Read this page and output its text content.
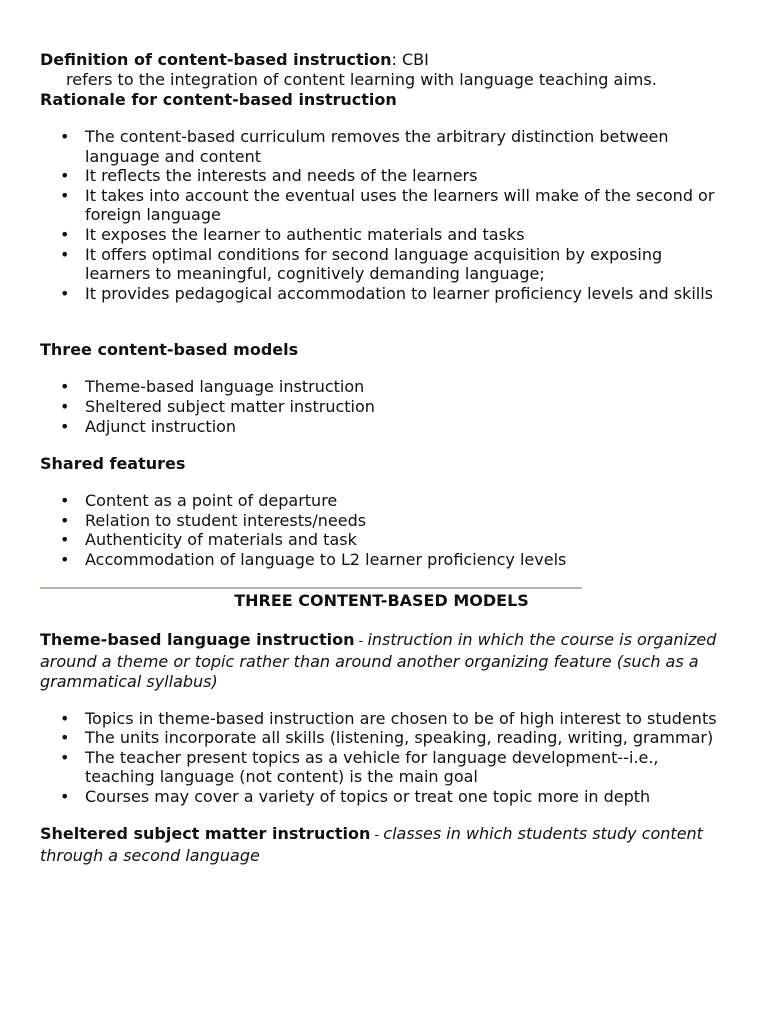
Definition of content-based instruction: CBI

refers to the integration of content learning with language teaching aims.

Rationale for content-based instruction

• The content-based curriculum removes the arbitrary distinction between language and content
• It reflects the interests and needs of the learners
• It takes into account the eventual uses the learners will make of the second or foreign language
• It exposes the learner to authentic materials and tasks
• It offers optimal conditions for second language acquisition by exposing learners to meaningful, cognitively demanding language;
• It provides pedagogical accommodation to learner proficiency levels and skills

Three content-based models

• Theme-based language instruction
• Sheltered subject matter instruction
• Adjunct instruction

Shared features

• Content as a point of departure
• Relation to student interests/needs
• Authenticity of materials and task
• Accommodation of language to L2 learner proficiency levels

THREE CONTENT-BASED MODELS

Theme-based language instruction - instruction in which the course is organized around a theme or topic rather than around another organizing feature (such as a grammatical syllabus)

• Topics in theme-based instruction are chosen to be of high interest to students
• The units incorporate all skills (listening, speaking, reading, writing, grammar)
• The teacher present topics as a vehicle for language development--i.e., teaching language (not content) is the main goal
• Courses may cover a variety of topics or treat one topic more in depth

Sheltered subject matter instruction - classes in which students study content through a second language
